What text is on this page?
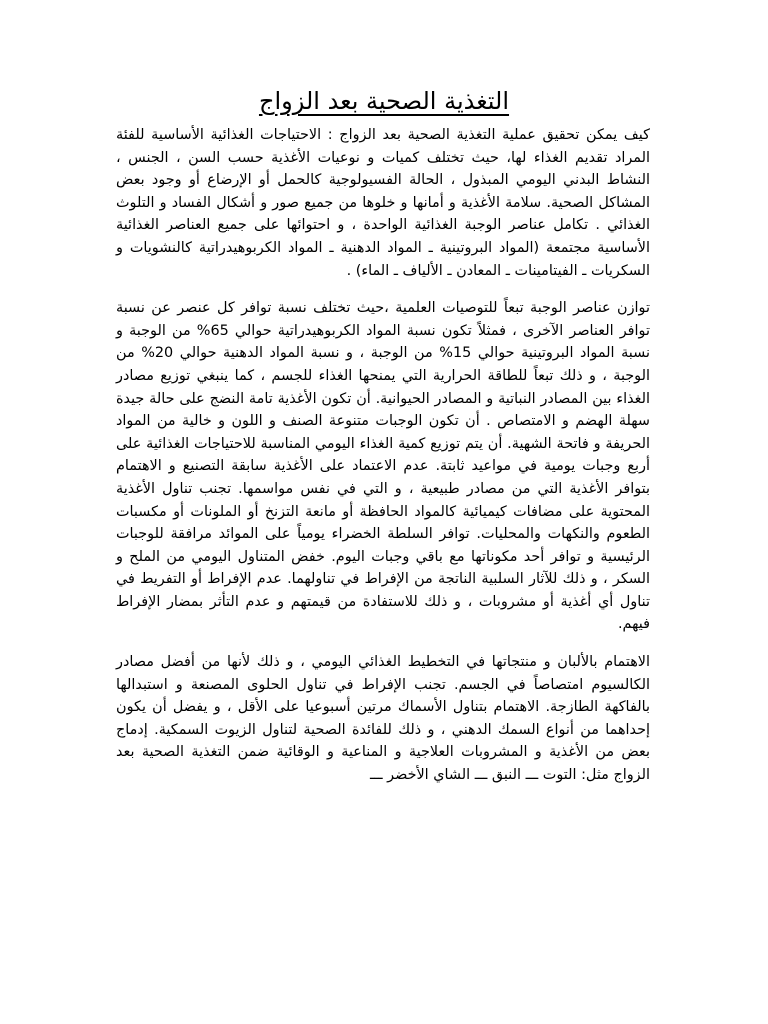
التغذية الصحية بعد الزواج

كيف يمكن تحقيق عملية التغذية الصحية بعد الزواج : الاحتياجات الغذائية الأساسية للفئة المراد تقديم الغذاء لها، حيث تختلف كميات و نوعيات الأغذية حسب السن ، الجنس ، النشاط البدني اليومي المبذول ، الحالة الفسيولوجية كالحمل أو الإرضاع أو وجود بعض المشاكل الصحية. سلامة الأغذية و أمانها و خلوها من جميع صور و أشكال الفساد و التلوث الغذائي . تكامل عناصر الوجبة الغذائية الواحدة ، و احتوائها على جميع العناصر الغذائية الأساسية مجتمعة (المواد البروتينية ـ المواد الدهنية ـ المواد الكربوهيدراتية كالنشويات و السكريات ـ الفيتامينات ـ المعادن ـ الألياف ـ الماء) .

توازن عناصر الوجبة تبعاً للتوصيات العلمية ،حيث تختلف نسبة توافر كل عنصر عن نسبة توافر العناصر الآخرى ، فمثلاً تكون نسبة المواد الكربوهيدراتية حوالي 65% من الوجبة و نسبة المواد البروتينية حوالي 15% من الوجبة ، و نسبة المواد الدهنية حوالي 20% من الوجبة ، و ذلك تبعاً للطاقة الحرارية التي يمنحها الغذاء للجسم ، كما ينبغي توزيع مصادر الغذاء بين المصادر النباتية و المصادر الحيوانية. أن تكون الأغذية تامة النضج على حالة جيدة سهلة الهضم و الامتصاص . أن تكون الوجبات متنوعة الصنف و اللون و خالية من المواد الحريفة و فاتحة الشهية. أن يتم توزيع كمية الغذاء اليومي المناسبة للاحتياجات الغذائية على أربع وجبات يومية في مواعيد ثابتة. عدم الاعتماد على الأغذية سابقة التصنيع و الاهتمام بتوافر الأغذية التي من مصادر طبيعية ، و التي في نفس مواسمها. تجنب تناول الأغذية المحتوية على مضافات كيميائية كالمواد الحافظة أو مانعة التزنخ أو الملونات أو مكسبات الطعوم والنكهات والمحليات. توافر السلطة الخضراء يومياً على الموائد مرافقة للوجبات الرئيسية و توافر أحد مكوناتها مع باقي وجبات اليوم. خفض المتناول اليومي من الملح و السكر ، و ذلك للآثار السلبية الناتجة من الإفراط في تناولهما. عدم الإفراط أو التفريط في تناول أي أغذية أو مشروبات ، و ذلك للاستفادة من قيمتهم و عدم التأثر بمضار الإفراط فيهم.

الاهتمام بالألبان و منتجاتها في التخطيط الغذائي اليومي ، و ذلك لأنها من أفضل مصادر الكالسيوم امتصاصاً في الجسم. تجنب الإفراط في تناول الحلوى المصنعة و استبدالها بالفاكهة الطازجة. الاهتمام بتناول الأسماك مرتين أسبوعيا على الأقل ، و يفضل أن يكون إحداهما من أنواع السمك الدهني ، و ذلك للفائدة الصحية لتناول الزيوت السمكية. إدماج بعض من الأغذية و المشروبات العلاجية و المناعية و الوقائية ضمن التغذية الصحية بعد الزواج مثل: التوت ـــ النبق ـــ الشاي الأخضر ـــ
